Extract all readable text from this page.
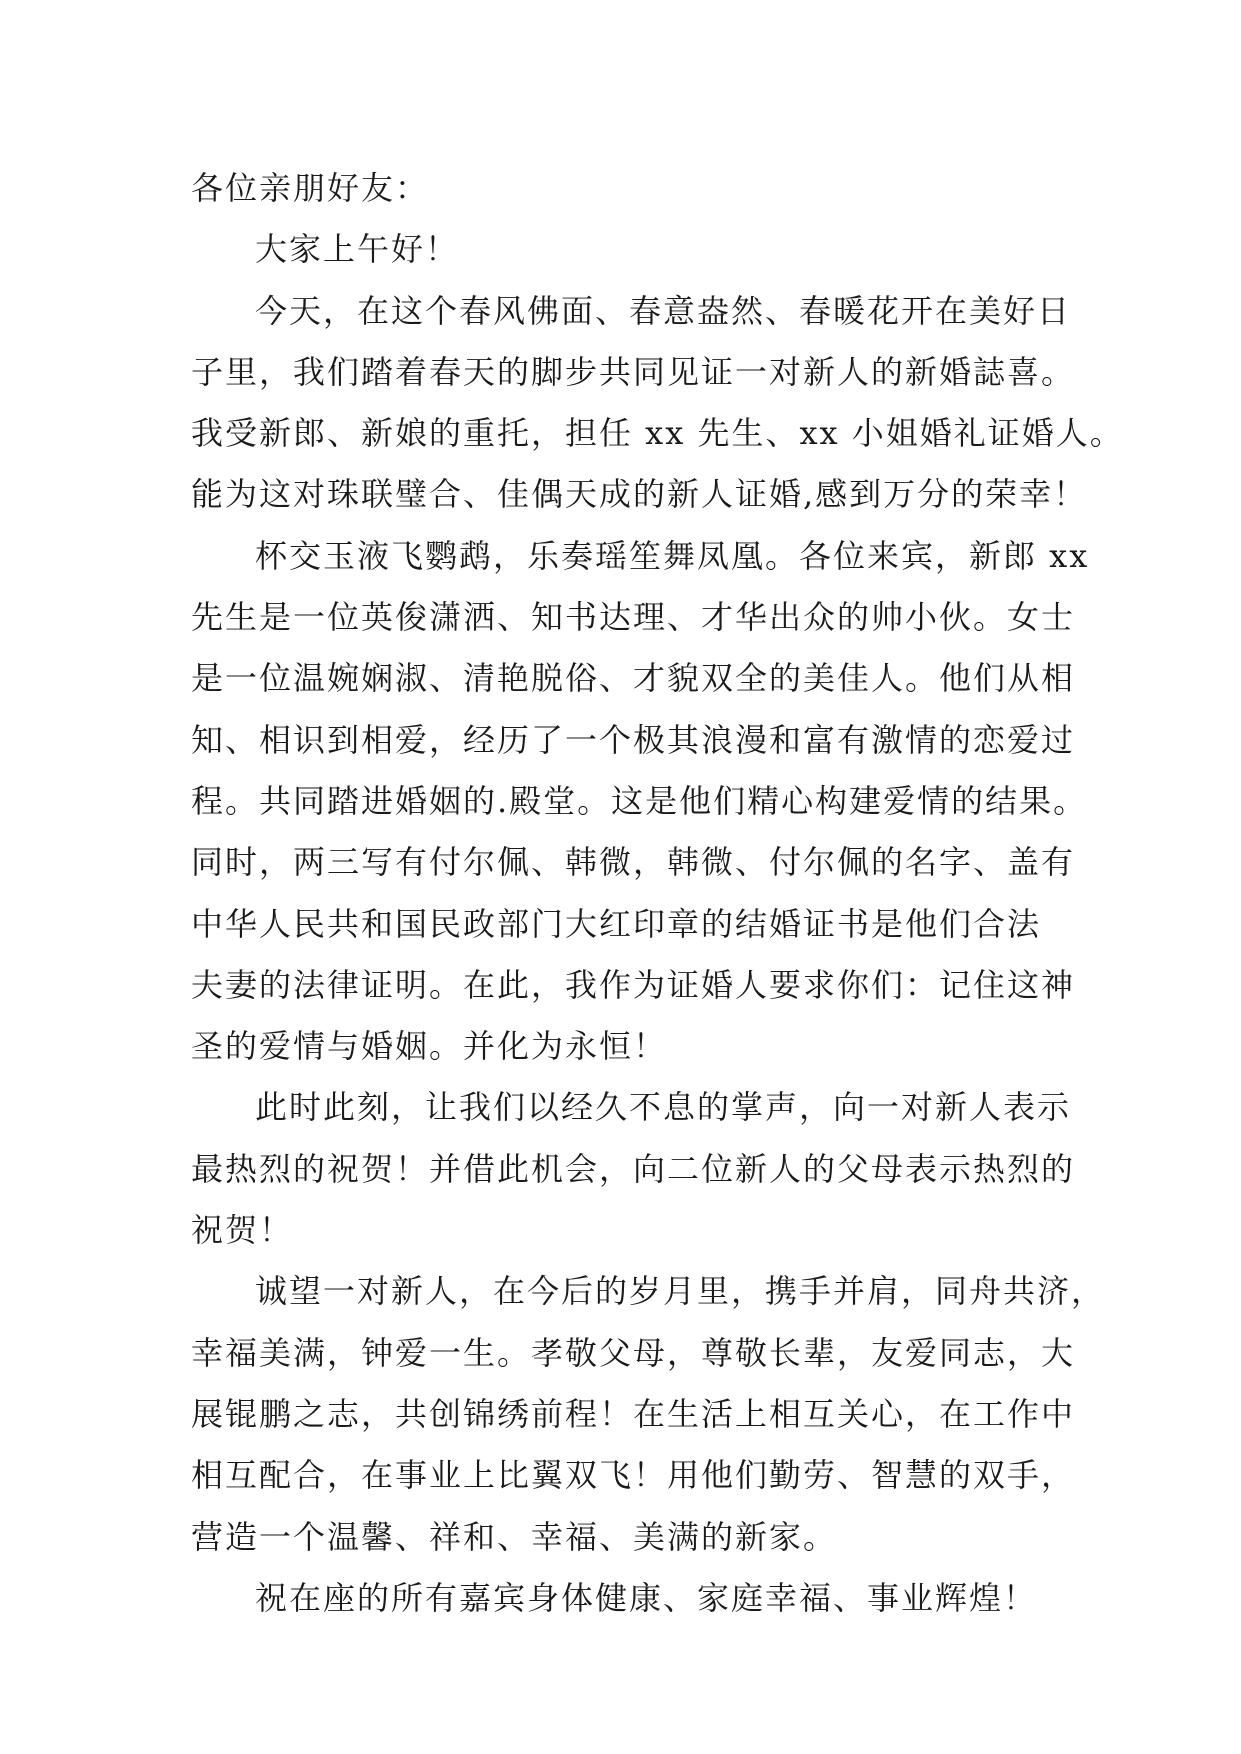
各位亲朋好友：

大家上午好！

今天，在这个春风佛面、春意盎然、春暖花开在美好日
子里，我们踏着春天的脚步共同见证一对新人的新婚誌喜。
我受新郎、新娘的重托，担任 xx 先生、xx 小姐婚礼证婚人。
能为这对珠联璧合、佳偶天成的新人证婚,感到万分的荣幸！

杯交玉液飞鹦鹉，乐奏瑶笙舞凤凰。各位来宾，新郎 xx
先生是一位英俊潇洒、知书达理、才华出众的帅小伙。女士
是一位温婉娴淑、清艳脱俗、才貌双全的美佳人。他们从相
知、相识到相爱，经历了一个极其浪漫和富有激情的恋爱过
程。共同踏进婚姻的.殿堂。这是他们精心构建爱情的结果。
同时，两三写有付尔佩、韩微，韩微、付尔佩的名字、盖有
中华人民共和国民政部门大红印章的结婚证书是他们合法
夫妻的法律证明。在此，我作为证婚人要求你们：记住这神
圣的爱情与婚姻。并化为永恒！

此时此刻，让我们以经久不息的掌声，向一对新人表示
最热烈的祝贺！并借此机会，向二位新人的父母表示热烈的
祝贺！

诚望一对新人，在今后的岁月里，携手并肩，同舟共济，
幸福美满，钟爱一生。孝敬父母，尊敬长辈，友爱同志，大
展锟鹏之志，共创锦绣前程！在生活上相互关心，在工作中
相互配合，在事业上比翼双飞！用他们勤劳、智慧的双手，
营造一个温馨、祥和、幸福、美满的新家。

祝在座的所有嘉宾身体健康、家庭幸福、事业辉煌！
